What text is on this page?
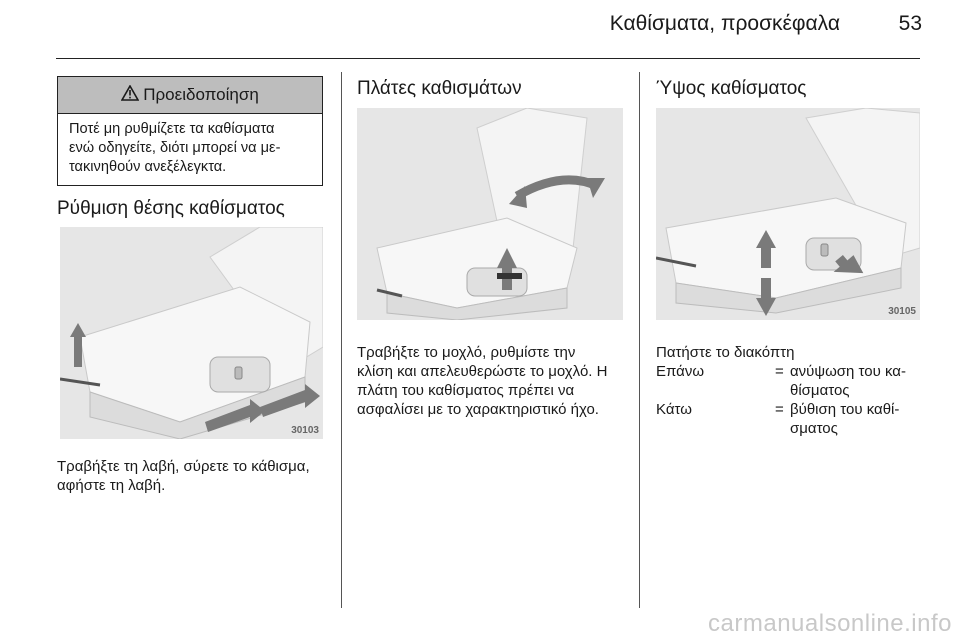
Καθίσματα, προσκέφαλα	53
Προειδοποίηση
Ποτέ μη ρυθμίζετε τα καθίσματα
ενώ οδηγείτε, διότι μπορεί να με-
τακινηθούν ανεξέλεγκτα.
Ρύθμιση θέσης καθίσματος
30103
Τραβήξτε τη λαβή, σύρετε το κάθισμα,
αφήστε τη λαβή.
Πλάτες καθισμάτων
Τραβήξτε το μοχλό, ρυθμίστε την
κλίση και απελευθερώστε το μοχλό. Η
πλάτη του καθίσματος πρέπει να
ασφαλίσει με το χαρακτηριστικό ήχο.
Ύψος καθίσματος
30105
Πατήστε το διακόπτη
Επάνω	= ανύψωση του κα-
θίσματος
Κάτω	= βύθιση του καθί-
σματος
carmanualsonline.info
